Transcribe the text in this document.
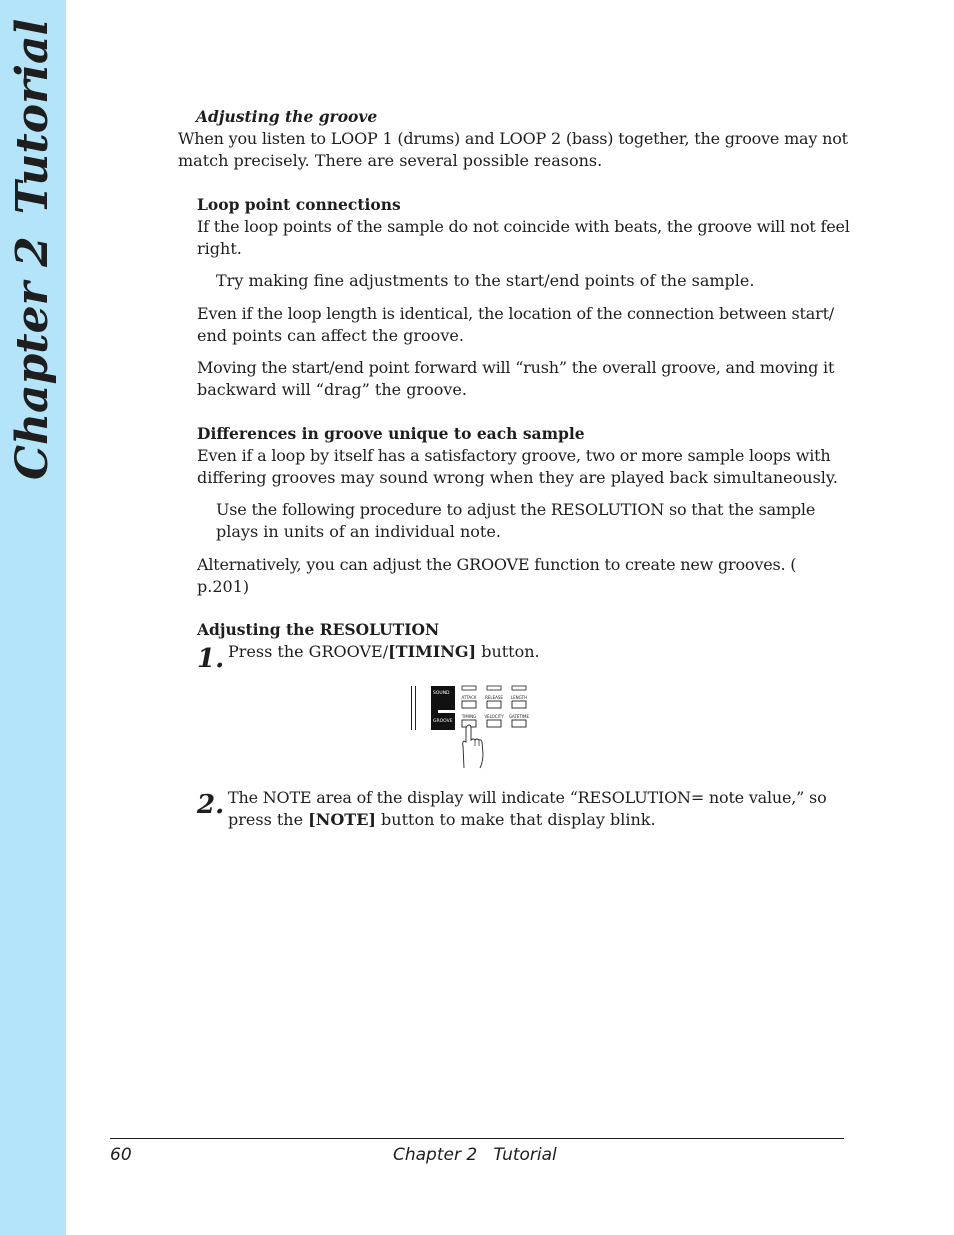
Chapter 2Tutorial	Adjusting the groove
When you listen to LOOP 1 (drums) and LOOP 2 (bass) together, the groove may not
match precisely. There are several possible reasons.
Loop point connections
If the loop points of the sample do not coincide with beats, the groove will not feel
right.
Try making fine adjustments to the start/end points of the sample.
Even if the loop length is identical, the location of the connection between start/
end points can affect the groove.
Moving the start/end point forward will “rush” the overall groove, and moving it
backward will “drag” the groove.
Differences in groove unique to each sample
Even if a loop by itself has a satisfactory groove, two or more sample loops with
differing grooves may sound wrong when they are played back simultaneously.
Use the following procedure to adjust the RESOLUTION so that the sample
plays in units of an individual note.
Alternatively, you can adjust the GROOVE function to create new grooves. (
p.201)
Adjusting the RESOLUTION
1. Press the GROOVE/[TIMING] button.
SOUND
GROOVE
ATTACK RELEASE LENGTH
TIMING VELOCITY GATETIME
2. The NOTE area of the display will indicate “RESOLUTION= note value,” so
press the [NOTE] button to make that display blink.
60	Chapter 2   Tutorial
